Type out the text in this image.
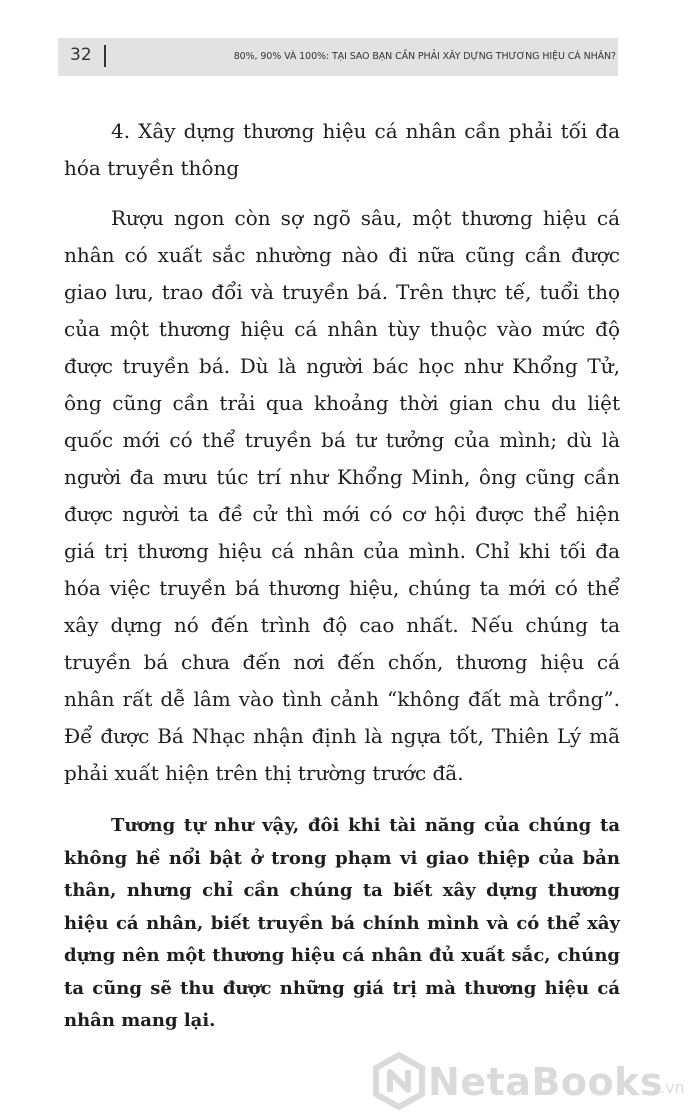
32	80%, 90% VÀ 100%: TẠI SAO BẠN CẦN PHẢI XÂY DỰNG THƯƠNG HIỆU CÁ NHÂN?

4. Xây dựng thương hiệu cá nhân cần phải tối đa hóa truyền thông

Rượu ngon còn sợ ngõ sâu, một thương hiệu cá nhân có xuất sắc nhường nào đi nữa cũng cần được giao lưu, trao đổi và truyền bá. Trên thực tế, tuổi thọ của một thương hiệu cá nhân tùy thuộc vào mức độ được truyền bá. Dù là người bác học như Khổng Tử, ông cũng cần trải qua khoảng thời gian chu du liệt quốc mới có thể truyền bá tư tưởng của mình; dù là người đa mưu túc trí như Khổng Minh, ông cũng cần được người ta đề cử thì mới có cơ hội được thể hiện giá trị thương hiệu cá nhân của mình. Chỉ khi tối đa hóa việc truyền bá thương hiệu, chúng ta mới có thể xây dựng nó đến trình độ cao nhất. Nếu chúng ta truyền bá chưa đến nơi đến chốn, thương hiệu cá nhân rất dễ lâm vào tình cảnh “không đất mà trồng”. Để được Bá Nhạc nhận định là ngựa tốt, Thiên Lý mã phải xuất hiện trên thị trường trước đã.

Tương tự như vậy, đôi khi tài năng của chúng ta không hề nổi bật ở trong phạm vi giao thiệp của bản thân, nhưng chỉ cần chúng ta biết xây dựng thương hiệu cá nhân, biết truyền bá chính mình và có thể xây dựng nên một thương hiệu cá nhân đủ xuất sắc, chúng ta cũng sẽ thu được những giá trị mà thương hiệu cá nhân mang lại.

NetaBooks
.vn
